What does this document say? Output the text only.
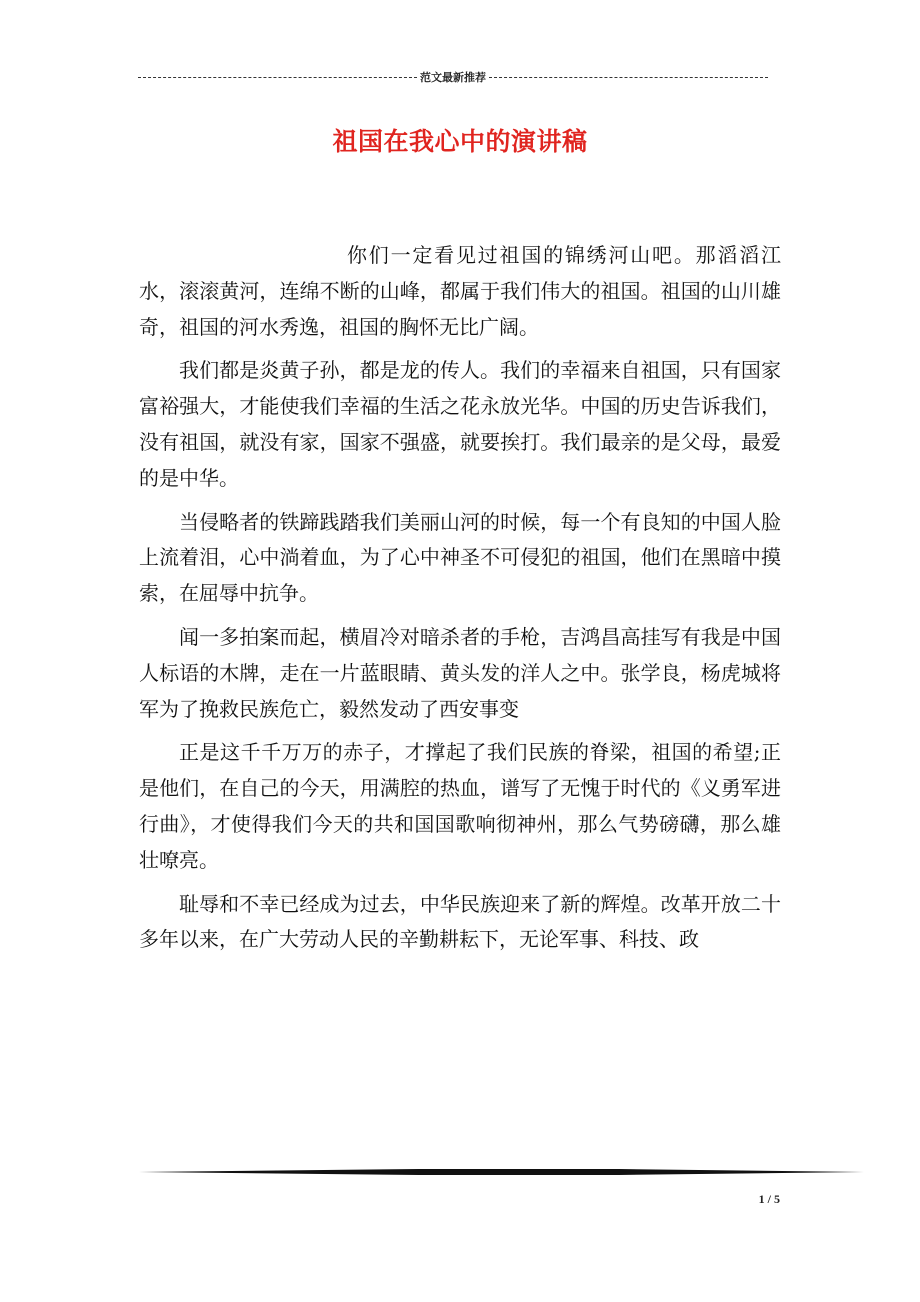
范文最新推荐
祖国在我心中的演讲稿

你们一定看见过祖国的锦绣河山吧。那滔滔江水，滚滚黄河，连绵不断的山峰，都属于我们伟大的祖国。祖国的山川雄奇，祖国的河水秀逸，祖国的胸怀无比广阔。

我们都是炎黄子孙，都是龙的传人。我们的幸福来自祖国，只有国家富裕强大，才能使我们幸福的生活之花永放光华。中国的历史告诉我们，没有祖国，就没有家，国家不强盛，就要挨打。我们最亲的是父母，最爱的是中华。

当侵略者的铁蹄践踏我们美丽山河的时候，每一个有良知的中国人脸上流着泪，心中淌着血，为了心中神圣不可侵犯的祖国，他们在黑暗中摸索，在屈辱中抗争。

闻一多拍案而起，横眉冷对暗杀者的手枪，吉鸿昌高挂写有我是中国人标语的木牌，走在一片蓝眼睛、黄头发的洋人之中。张学良，杨虎城将军为了挽救民族危亡，毅然发动了西安事变

正是这千千万万的赤子，才撑起了我们民族的脊梁，祖国的希望;正是他们，在自己的今天，用满腔的热血，谱写了无愧于时代的《义勇军进行曲》，才使得我们今天的共和国国歌响彻神州，那么气势磅礴，那么雄壮嘹亮。

耻辱和不幸已经成为过去，中华民族迎来了新的辉煌。改革开放二十多年以来，在广大劳动人民的辛勤耕耘下，无论军事、科技、政

1 / 5
